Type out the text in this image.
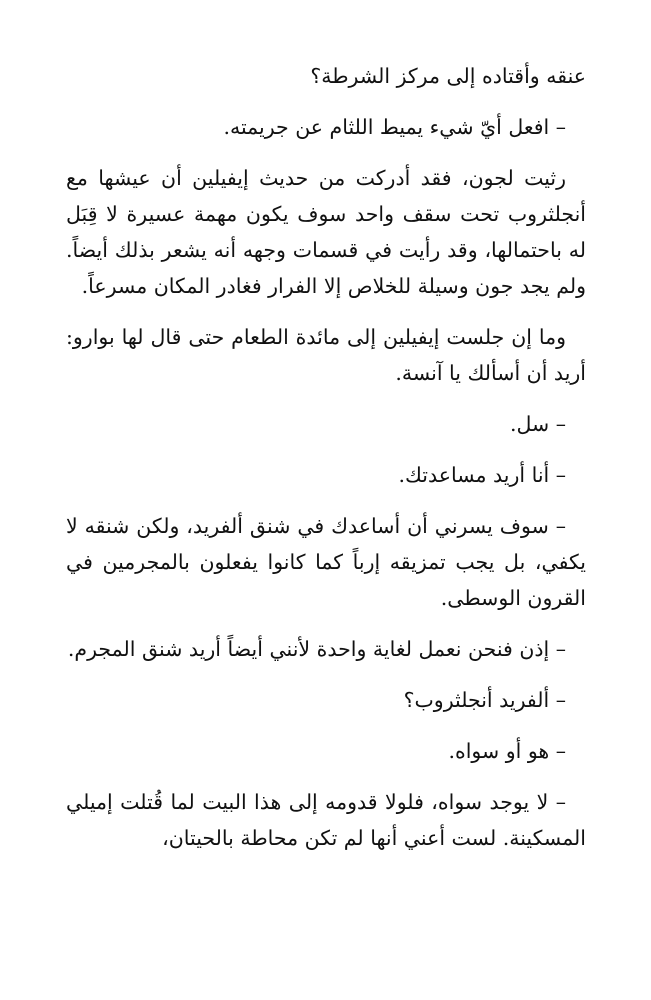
عنقه وأقتاده إلى مركز الشرطة؟

– افعل أيّ شيء يميط اللثام عن جريمته.

رثيت لجون، فقد أدركت من حديث إيفيلين أن عيشها مع أنجلثروب تحت سقف واحد سوف يكون مهمة عسيرة لا قِبَل له باحتمالها، وقد رأيت في قسمات وجهه أنه يشعر بذلك أيضاً. ولم يجد جون وسيلة للخلاص إلا الفرار فغادر المكان مسرعاً.

وما إن جلست إيفيلين إلى مائدة الطعام حتى قال لها بوارو: أريد أن أسألك يا آنسة.

– سل.

– أنا أريد مساعدتك.

– سوف يسرني أن أساعدك في شنق ألفريد، ولكن شنقه لا يكفي، بل يجب تمزيقه إرباً كما كانوا يفعلون بالمجرمين في القرون الوسطى.

– إذن فنحن نعمل لغاية واحدة لأنني أيضاً أريد شنق المجرم.

– ألفريد أنجلثروب؟

– هو أو سواه.

– لا يوجد سواه، فلولا قدومه إلى هذا البيت لما قُتلت إميلي المسكينة. لست أعني أنها لم تكن محاطة بالحيتان،
